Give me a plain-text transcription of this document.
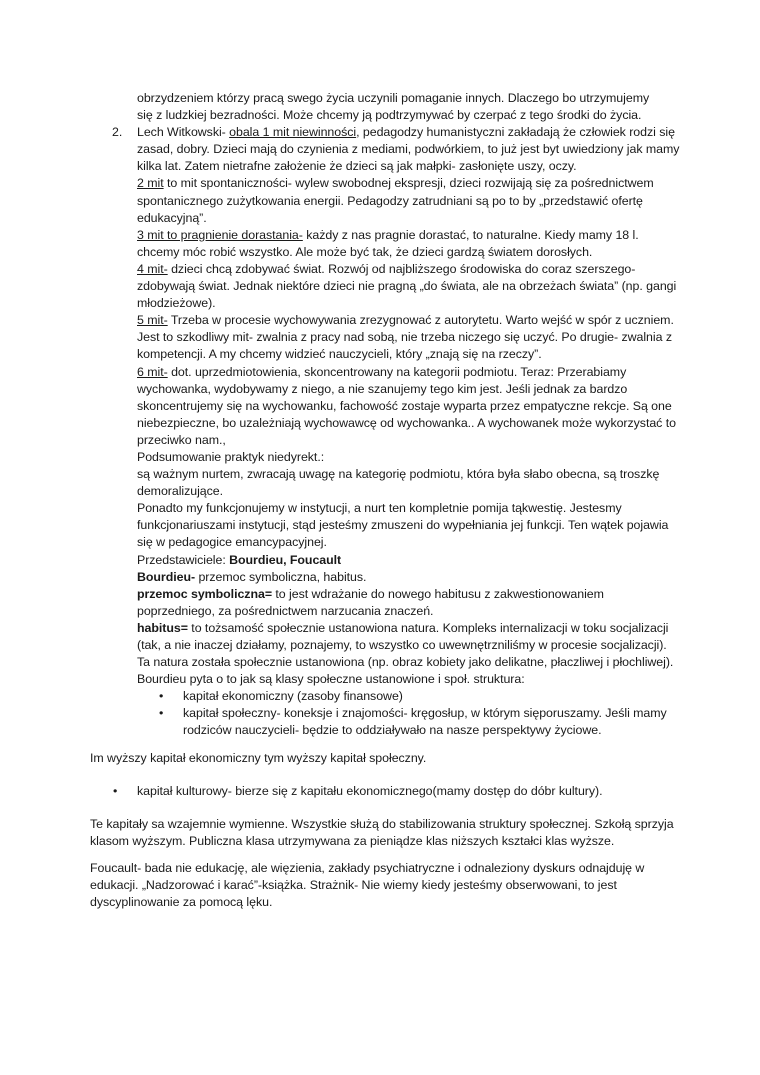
obrzydzeniem którzy pracą swego życia uczynili pomaganie innych. Dlaczego bo utrzymujemy
się z ludzkiej bezradności. Może chcemy ją podtrzymywać by czerpać z tego środki do życia.
2. Lech Witkowski- obala 1 mit niewinności, pedagodzy humanistyczni zakładają że człowiek rodzi się zasad, dobry. Dzieci mają do czynienia z mediami, podwórkiem, to już jest byt uwiedziony jak mamy kilka lat. Zatem nietrafne założenie że dzieci są jak małpki- zasłonięte uszy, oczy.
2 mit to mit spontaniczności- wylew swobodnej ekspresji, dzieci rozwijają się za pośrednictwem spontanicznego zużytkowania energii. Pedagodzy zatrudniani są po to by „przedstawić ofertę edukacyjną”.
3 mit to pragnienie dorastania- każdy z nas pragnie dorastać, to naturalne. Kiedy mamy 18 l. chcemy móc robić wszystko. Ale może być tak, że dzieci gardzą światem dorosłych.
4 mit- dzieci chcą zdobywać świat. Rozwój od najbliższego środowiska do coraz szerszego- zdobywają świat. Jednak niektóre dzieci nie pragną „do świata, ale na obrzeżach świata” (np. gangi młodzieżowe).
5 mit- Trzeba w procesie wychowywania zrezygnować z autorytetu. Warto wejść w spór z uczniem. Jest to szkodliwy mit- zwalnia z pracy nad sobą, nie trzeba niczego się uczyć. Po drugie- zwalnia z kompetencji. A my chcemy widzieć nauczycieli, który „znają się na rzeczy”.
6 mit- dot. uprzedmiotowienia, skoncentrowany na kategorii podmiotu. Teraz: Przerabiamy wychowanka, wydobywamy z niego, a nie szanujemy tego kim jest. Jeśli jednak za bardzo skoncentrujemy się na wychowanku, fachowość zostaje wyparta przez empatyczne rekcje. Są one niebezpieczne, bo uzależniają wychowawcę od wychowanka.. A wychowanek może wykorzystać to przeciwko nam.,
Podsumowanie praktyk niedyrekt.:
są ważnym nurtem, zwracają uwagę na kategorię podmiotu, która była słabo obecna, są troszkę demoralizujące.
Ponadto my funkcjonujemy w instytucji, a nurt ten kompletnie pomija tąkwestię. Jestesmy funkcjonariuszami instytucji, stąd jesteśmy zmuszeni do wypełniania jej funkcji. Ten wątek pojawia się w pedagogice emancypacyjnej.
Przedstawiciele: Bourdieu, Foucault
Bourdieu- przemoc symboliczna, habitus.
przemoc symboliczna= to jest wdrażanie do nowego habitusu z zakwestionowaniem poprzedniego, za pośrednictwem narzucania znaczeń.
habitus= to tożsamość społecznie ustanowiona natura. Kompleks internalizacji w toku socjalizacji (tak, a nie inaczej działamy, poznajemy, to wszystko co uwewnętrzniliśmy w procesie socjalizacji).
Ta natura została społecznie ustanowiona (np. obraz kobiety jako delikatne, płaczliwej i płochliwej). Bourdieu pyta o to jak są klasy społeczne ustanowione i społ. struktura:
• kapitał ekonomiczny (zasoby finansowe)
• kapitał społeczny- koneksje i znajomości- kręgosłup, w którym sięporuszamy. Jeśli mamy rodziców nauczycieli- będzie to oddziaływało na nasze perspektywy życiowe.
Im wyższy kapitał ekonomiczny tym wyższy kapitał społeczny.
• kapitał kulturowy- bierze się z kapitału ekonomicznego(mamy dostęp do dóbr kultury).
Te kapitały sa wzajemnie wymienne. Wszystkie służą do stabilizowania struktury społecznej. Szkołą sprzyja klasom wyższym. Publiczna klasa utrzymywana za pieniądze klas niższych kształci klas wyższe.
Foucault- bada nie edukację, ale więzienia, zakłady psychiatryczne i odnaleziony dyskurs odnajduję w edukacji. „Nadzorować i karać”-książka. Strażnik- Nie wiemy kiedy jesteśmy obserwowani, to jest dyscyplinowanie za pomocą lęku.
